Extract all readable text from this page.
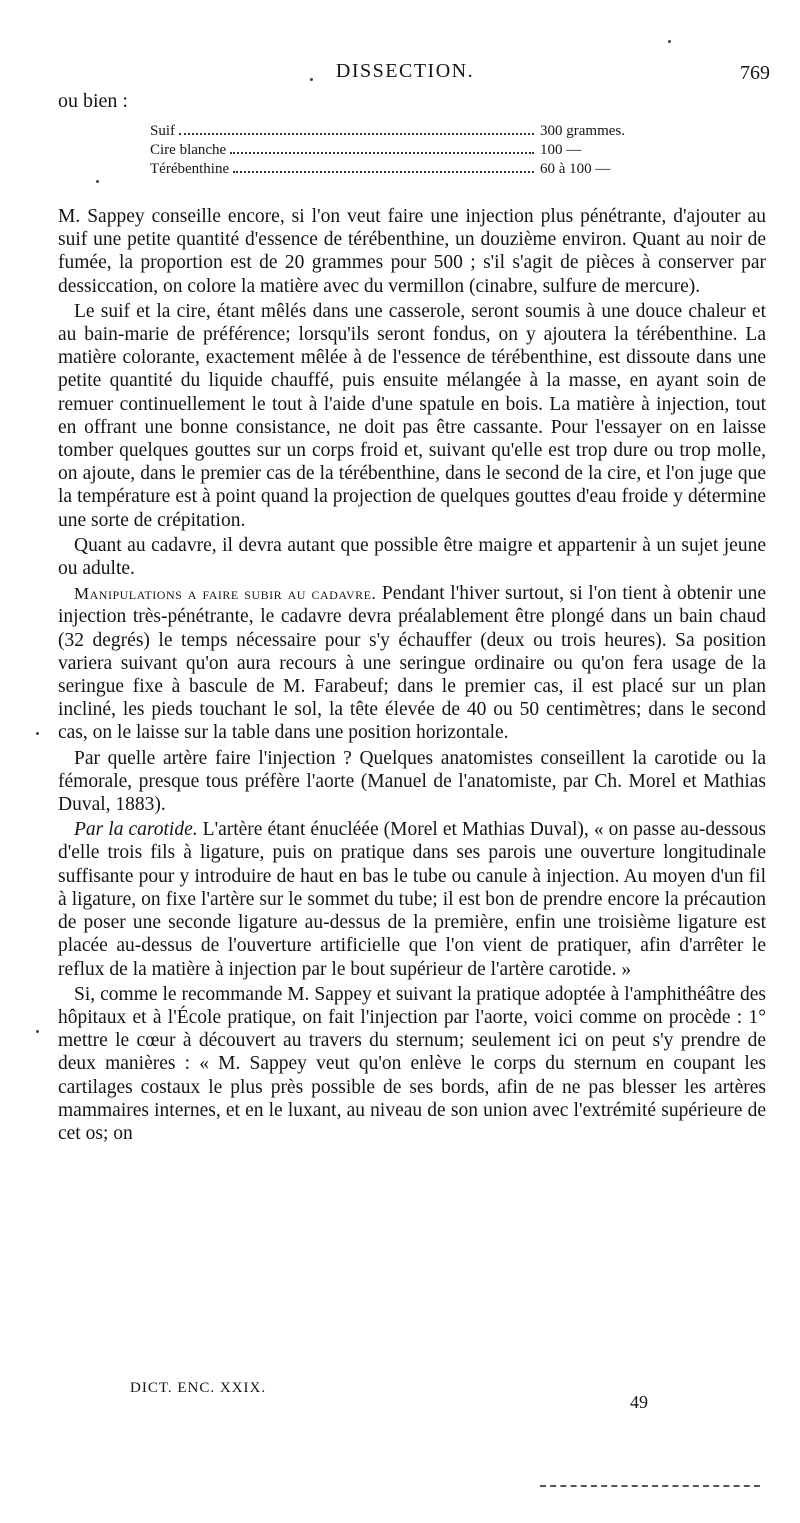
DISSECTION.	769
ou bien :
Suif	300 grammes.
Cire blanche	100 —
Térébenthine	60 à 100 —

M. Sappey conseille encore, si l'on veut faire une injection plus pénétrante, d'ajouter au suif une petite quantité d'essence de térébenthine, un douzième environ. Quant au noir de fumée, la proportion est de 20 grammes pour 500 ; s'il s'agit de pièces à conserver par dessiccation, on colore la matière avec du vermillon (cinabre, sulfure de mercure).

Le suif et la cire, étant mêlés dans une casserole, seront soumis à une douce chaleur et au bain-marie de préférence; lorsqu'ils seront fondus, on y ajoutera la térébenthine. La matière colorante, exactement mêlée à de l'essence de térébenthine, est dissoute dans une petite quantité du liquide chauffé, puis ensuite mélangée à la masse, en ayant soin de remuer continuellement le tout à l'aide d'une spatule en bois. La matière à injection, tout en offrant une bonne consistance, ne doit pas être cassante. Pour l'essayer on en laisse tomber quelques gouttes sur un corps froid et, suivant qu'elle est trop dure ou trop molle, on ajoute, dans le premier cas de la térébenthine, dans le second de la cire, et l'on juge que la température est à point quand la projection de quelques gouttes d'eau froide y détermine une sorte de crépitation.

Quant au cadavre, il devra autant que possible être maigre et appartenir à un sujet jeune ou adulte.

Manipulations a faire subir au cadavre. Pendant l'hiver surtout, si l'on tient à obtenir une injection très-pénétrante, le cadavre devra préalablement être plongé dans un bain chaud (32 degrés) le temps nécessaire pour s'y échauffer (deux ou trois heures). Sa position variera suivant qu'on aura recours à une seringue ordinaire ou qu'on fera usage de la seringue fixe à bascule de M. Farabeuf; dans le premier cas, il est placé sur un plan incliné, les pieds touchant le sol, la tête élevée de 40 ou 50 centimètres; dans le second cas, on le laisse sur la table dans une position horizontale.

Par quelle artère faire l'injection ? Quelques anatomistes conseillent la carotide ou la fémorale, presque tous préfère l'aorte (Manuel de l'anatomiste, par Ch. Morel et Mathias Duval, 1883).

Par la carotide. L'artère étant énucléée (Morel et Mathias Duval), « on passe au-dessous d'elle trois fils à ligature, puis on pratique dans ses parois une ouverture longitudinale suffisante pour y introduire de haut en bas le tube ou canule à injection. Au moyen d'un fil à ligature, on fixe l'artère sur le sommet du tube; il est bon de prendre encore la précaution de poser une seconde ligature au-dessus de la première, enfin une troisième ligature est placée au-dessus de l'ouverture artificielle que l'on vient de pratiquer, afin d'arrêter le reflux de la matière à injection par le bout supérieur de l'artère carotide. »

Si, comme le recommande M. Sappey et suivant la pratique adoptée à l'amphithéâtre des hôpitaux et à l'École pratique, on fait l'injection par l'aorte, voici comme on procède : 1° mettre le cœur à découvert au travers du sternum; seulement ici on peut s'y prendre de deux manières : « M. Sappey veut qu'on enlève le corps du sternum en coupant les cartilages costaux le plus près possible de ses bords, afin de ne pas blesser les artères mammaires internes, et en le luxant, au niveau de son union avec l'extrémité supérieure de cet os; on

DICT. ENC. XXIX.
49
